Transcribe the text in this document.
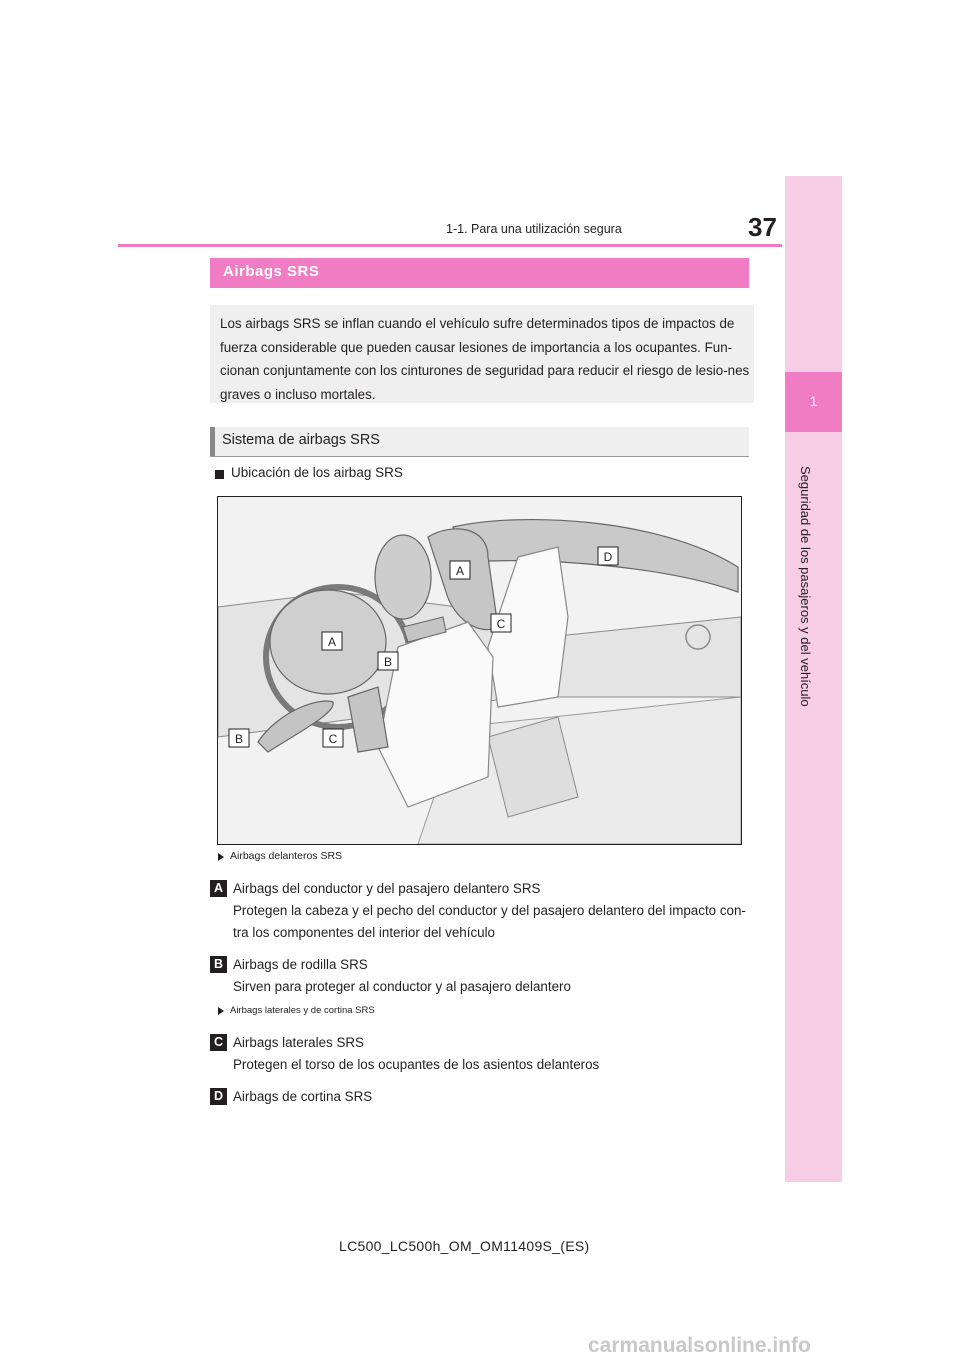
37
1-1. Para una utilización segura
1
Seguridad de los pasajeros y del vehículo
Airbags SRS
Los airbags SRS se inflan cuando el vehículo sufre determinados tipos de impactos de fuerza considerable que pueden causar lesiones de importancia a los ocupantes. Fun-cionan conjuntamente con los cinturones de seguridad para reducir el riesgo de lesio-nes graves o incluso mortales.
Sistema de airbags SRS
Ubicación de los airbag SRS
D
A
C
A
B
B	C
Airbags delanteros SRS
A Airbags del conductor y del pasajero delantero SRS
Protegen la cabeza y el pecho del conductor y del pasajero delantero del impacto con-
tra los componentes del interior del vehículo
B Airbags de rodilla SRS
Sirven para proteger al conductor y al pasajero delantero
Airbags laterales y de cortina SRS
C Airbags laterales SRS
Protegen el torso de los ocupantes de los asientos delanteros
D Airbags de cortina SRS
LC500_LC500h_OM_OM11409S_(ES)
carmanualsonline.info
